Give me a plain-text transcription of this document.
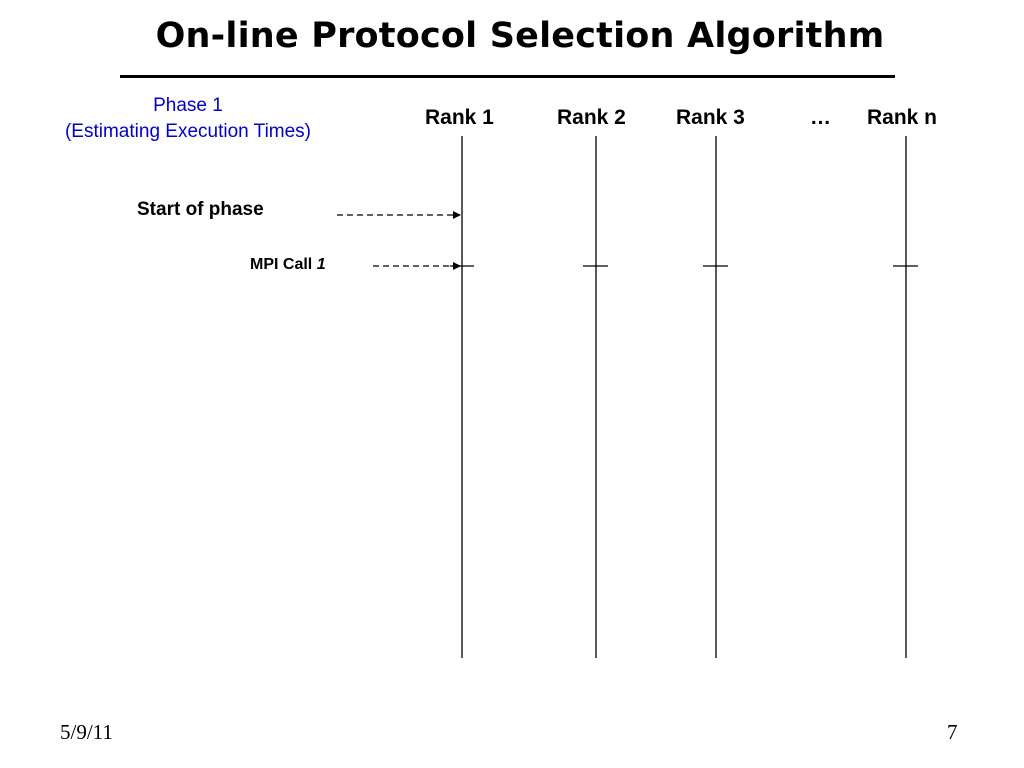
On-line Protocol Selection Algorithm
Phase 1
(Estimating Execution Times)
Rank 1	Rank 2 Rank 3	… Rank n
Start of phase
MPI Call 1
5/9/11	7
